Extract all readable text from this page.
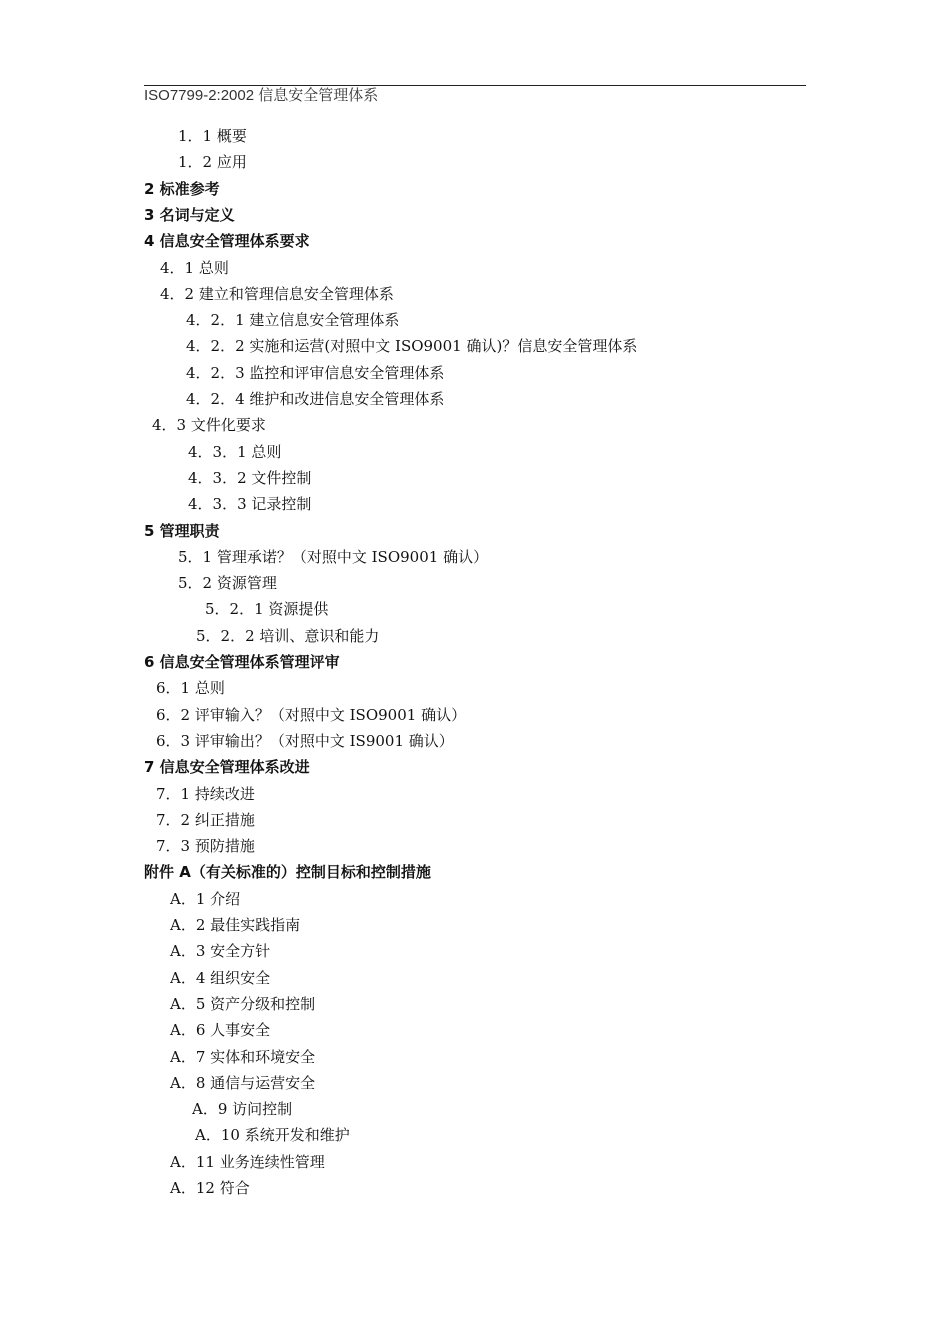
ISO7799-2:2002 信息安全管理体系
1．1 概要
1．2 应用
2 标准参考
3 名词与定义
4 信息安全管理体系要求
4．1 总则
4．2 建立和管理信息安全管理体系
4．2．1 建立信息安全管理体系
4．2．2 实施和运营(对照中文 ISO9001 确认)？信息安全管理体系
4．2．3 监控和评审信息安全管理体系
4．2．4 维护和改进信息安全管理体系
4．3 文件化要求
4．3．1 总则
4．3．2 文件控制
4．3．3 记录控制
5 管理职责
5．1 管理承诺？（对照中文 ISO9001 确认）
5．2 资源管理
5．2．1 资源提供
5．2．2 培训、意识和能力
6 信息安全管理体系管理评审
6．1 总则
6．2 评审输入？（对照中文 ISO9001 确认）
6．3 评审输出？（对照中文 IS9001 确认）
7 信息安全管理体系改进
7．1 持续改进
7．2 纠正措施
7．3 预防措施
附件 A（有关标准的）控制目标和控制措施
A．1 介绍
A．2 最佳实践指南
A．3 安全方针
A．4 组织安全
A．5 资产分级和控制
A．6 人事安全
A．7 实体和环境安全
A．8 通信与运营安全
A．9 访问控制
A．10 系统开发和维护
A．11 业务连续性管理
A．12 符合
